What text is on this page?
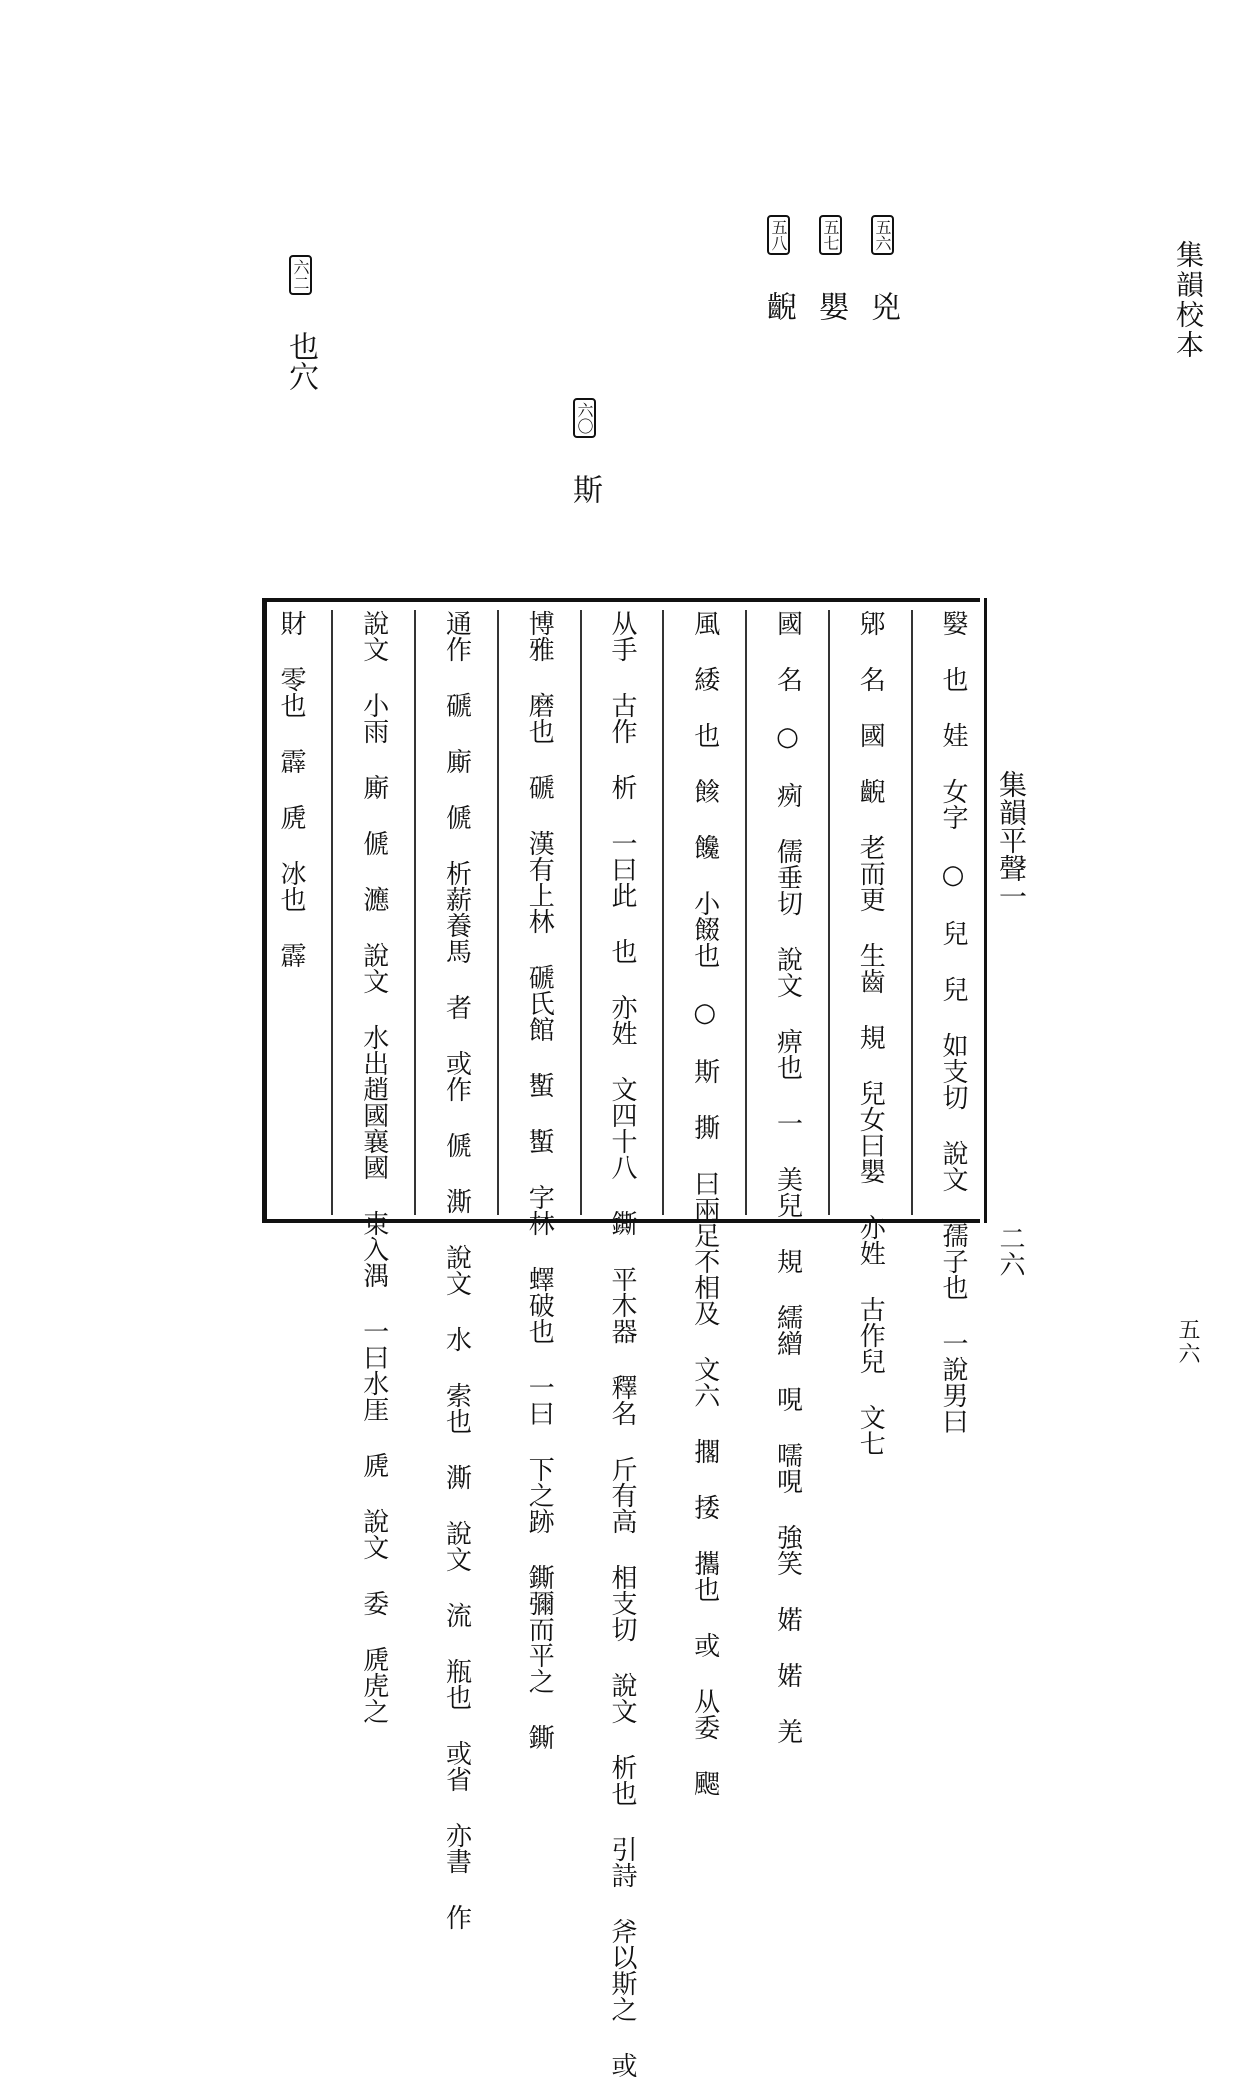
集韻校本
五六
五六 兇
五七 嬰
五八 齯
六〇 斯
六二 也穴
集韻平聲一
二六
嫛 也 娃 女字 ○ 兒 兒 如支切 說文 孺子也 一說男曰
郳 名 國 齯 老而更 生齒 規 兒女曰嬰 亦姓 古作兒 文七
國 名 ○ 㾐 儒垂切 說文 痹也 一 美兒 規 繻繒 哯 嚅哯 強笑 婼 婼 羌
風 緌 也 餩 饞 小餟也 ○ 斯 撕 曰兩足不相及 文六 擱 捼 攜也 或 从委 颸
从手 古作 析 一曰此 也 亦姓 文四十八 鐁 平木器 釋名 斤有高 相支切 說文 析也 引詩 斧以斯之 或
博雅 磨也 磃 漢有上林 磃氏館 蟴 蟴 字林 蠌破也 一曰 下之跡 鐁彌而平之 鐁
通作 磃 廝 傂 析薪養馬 者 或作 傂 澌 說文 水 索也 澌 說文 流 瓶也 或省 亦書 作
說文 小雨 廝 傂 㶐 說文 水出趙國襄國 東入湡 一曰水厓 虒 說文 委 虒虎之
財 零也 霹 虒 冰也 霹
